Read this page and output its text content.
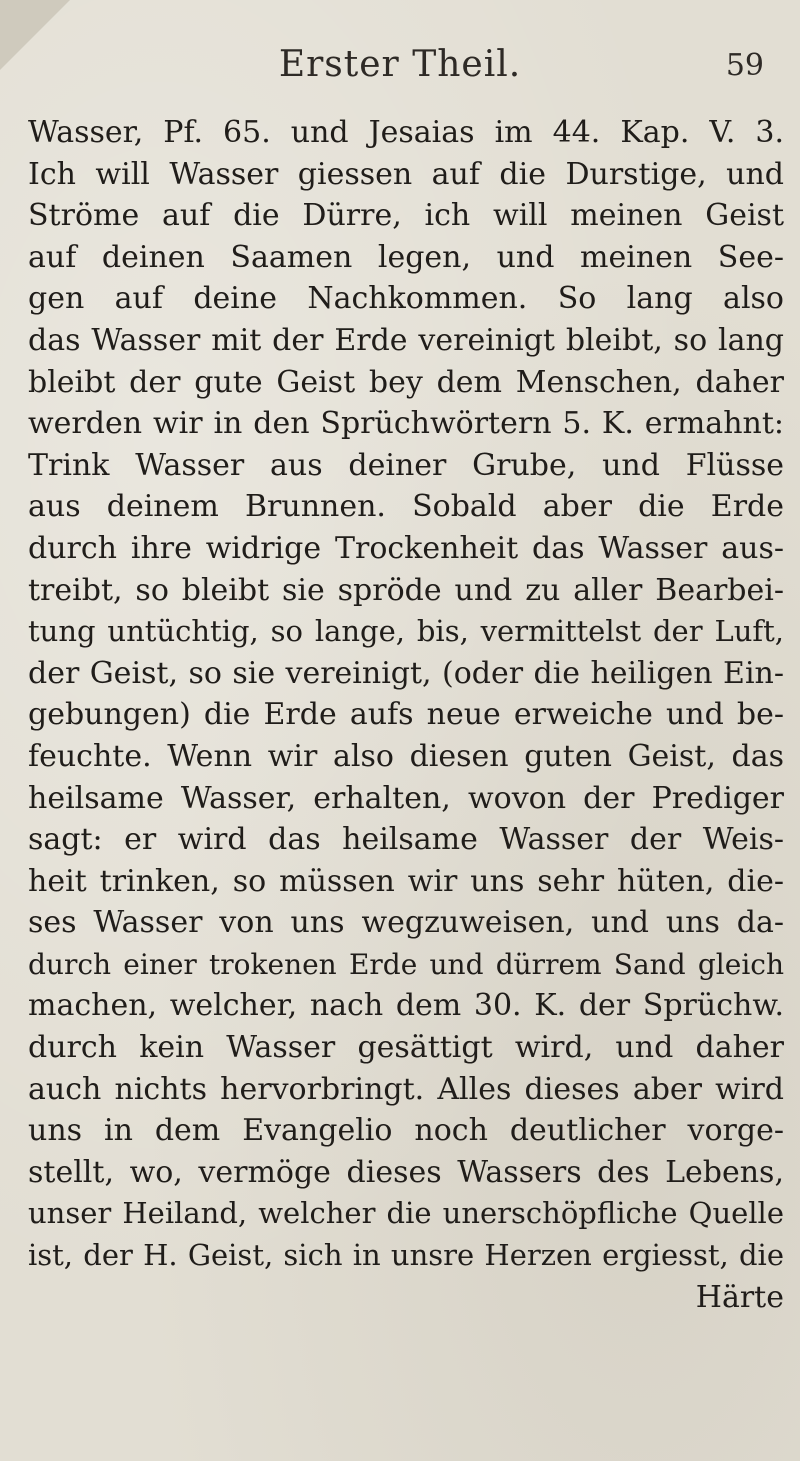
Erster Theil.	59
Wasser, Pf. 65. und Jesaias im 44. Kap. V. 3.
Ich will Wasser giessen auf die Durstige, und
Ströme auf die Dürre, ich will meinen Geist
auf deinen Saamen legen, und meinen See-
gen auf deine Nachkommen. So lang also
das Wasser mit der Erde vereinigt bleibt, so lang
bleibt der gute Geist bey dem Menschen, daher
werden wir in den Sprüchwörtern 5. K. ermahnt:
Trink Wasser aus deiner Grube, und Flüsse
aus deinem Brunnen. Sobald aber die Erde
durch ihre widrige Trockenheit das Wasser aus-
treibt, so bleibt sie spröde und zu aller Bearbei-
tung untüchtig, so lange, bis, vermittelst der Luft,
der Geist, so sie vereinigt, (oder die heiligen Ein-
gebungen) die Erde aufs neue erweiche und be-
feuchte. Wenn wir also diesen guten Geist, das
heilsame Wasser, erhalten, wovon der Prediger
sagt: er wird das heilsame Wasser der Weis-
heit trinken, so müssen wir uns sehr hüten, die-
ses Wasser von uns wegzuweisen, und uns da-
durch einer trokenen Erde und dürrem Sand gleich
machen, welcher, nach dem 30. K. der Sprüchw.
durch kein Wasser gesättigt wird, und daher
auch nichts hervorbringt. Alles dieses aber wird
uns in dem Evangelio noch deutlicher vorge-
stellt, wo, vermöge dieses Wassers des Lebens,
unser Heiland, welcher die unerschöpfliche Quelle
ist, der H. Geist, sich in unsre Herzen ergiesst, die
Härte
